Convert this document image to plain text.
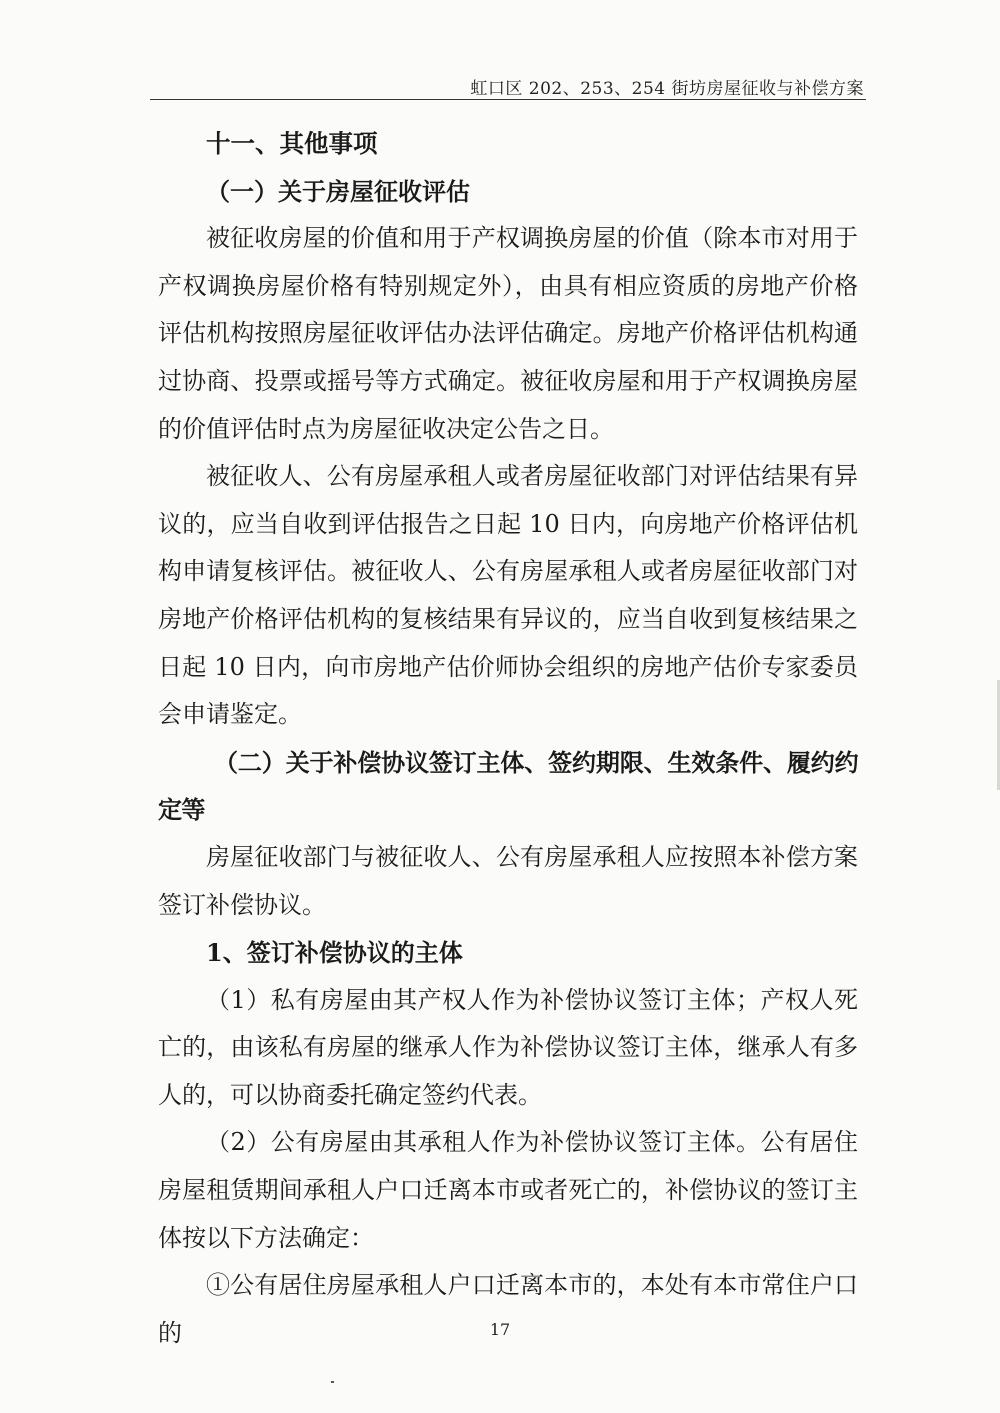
虹口区 202、253、254 街坊房屋征收与补偿方案

十一、其他事项

（一）关于房屋征收评估

被征收房屋的价值和用于产权调换房屋的价值（除本市对用于产权调换房屋价格有特别规定外），由具有相应资质的房地产价格评估机构按照房屋征收评估办法评估确定。房地产价格评估机构通过协商、投票或摇号等方式确定。被征收房屋和用于产权调换房屋的价值评估时点为房屋征收决定公告之日。

被征收人、公有房屋承租人或者房屋征收部门对评估结果有异议的，应当自收到评估报告之日起 10 日内，向房地产价格评估机构申请复核评估。被征收人、公有房屋承租人或者房屋征收部门对房地产价格评估机构的复核结果有异议的，应当自收到复核结果之日起 10 日内，向市房地产估价师协会组织的房地产估价专家委员会申请鉴定。

（二）关于补偿协议签订主体、签约期限、生效条件、履约约定等

房屋征收部门与被征收人、公有房屋承租人应按照本补偿方案签订补偿协议。

1、签订补偿协议的主体

（1）私有房屋由其产权人作为补偿协议签订主体；产权人死亡的，由该私有房屋的继承人作为补偿协议签订主体，继承人有多人的，可以协商委托确定签约代表。

（2）公有房屋由其承租人作为补偿协议签订主体。公有居住房屋租赁期间承租人户口迁离本市或者死亡的，补偿协议的签订主体按以下方法确定：

①公有居住房屋承租人户口迁离本市的，本处有本市常住户口的	17
